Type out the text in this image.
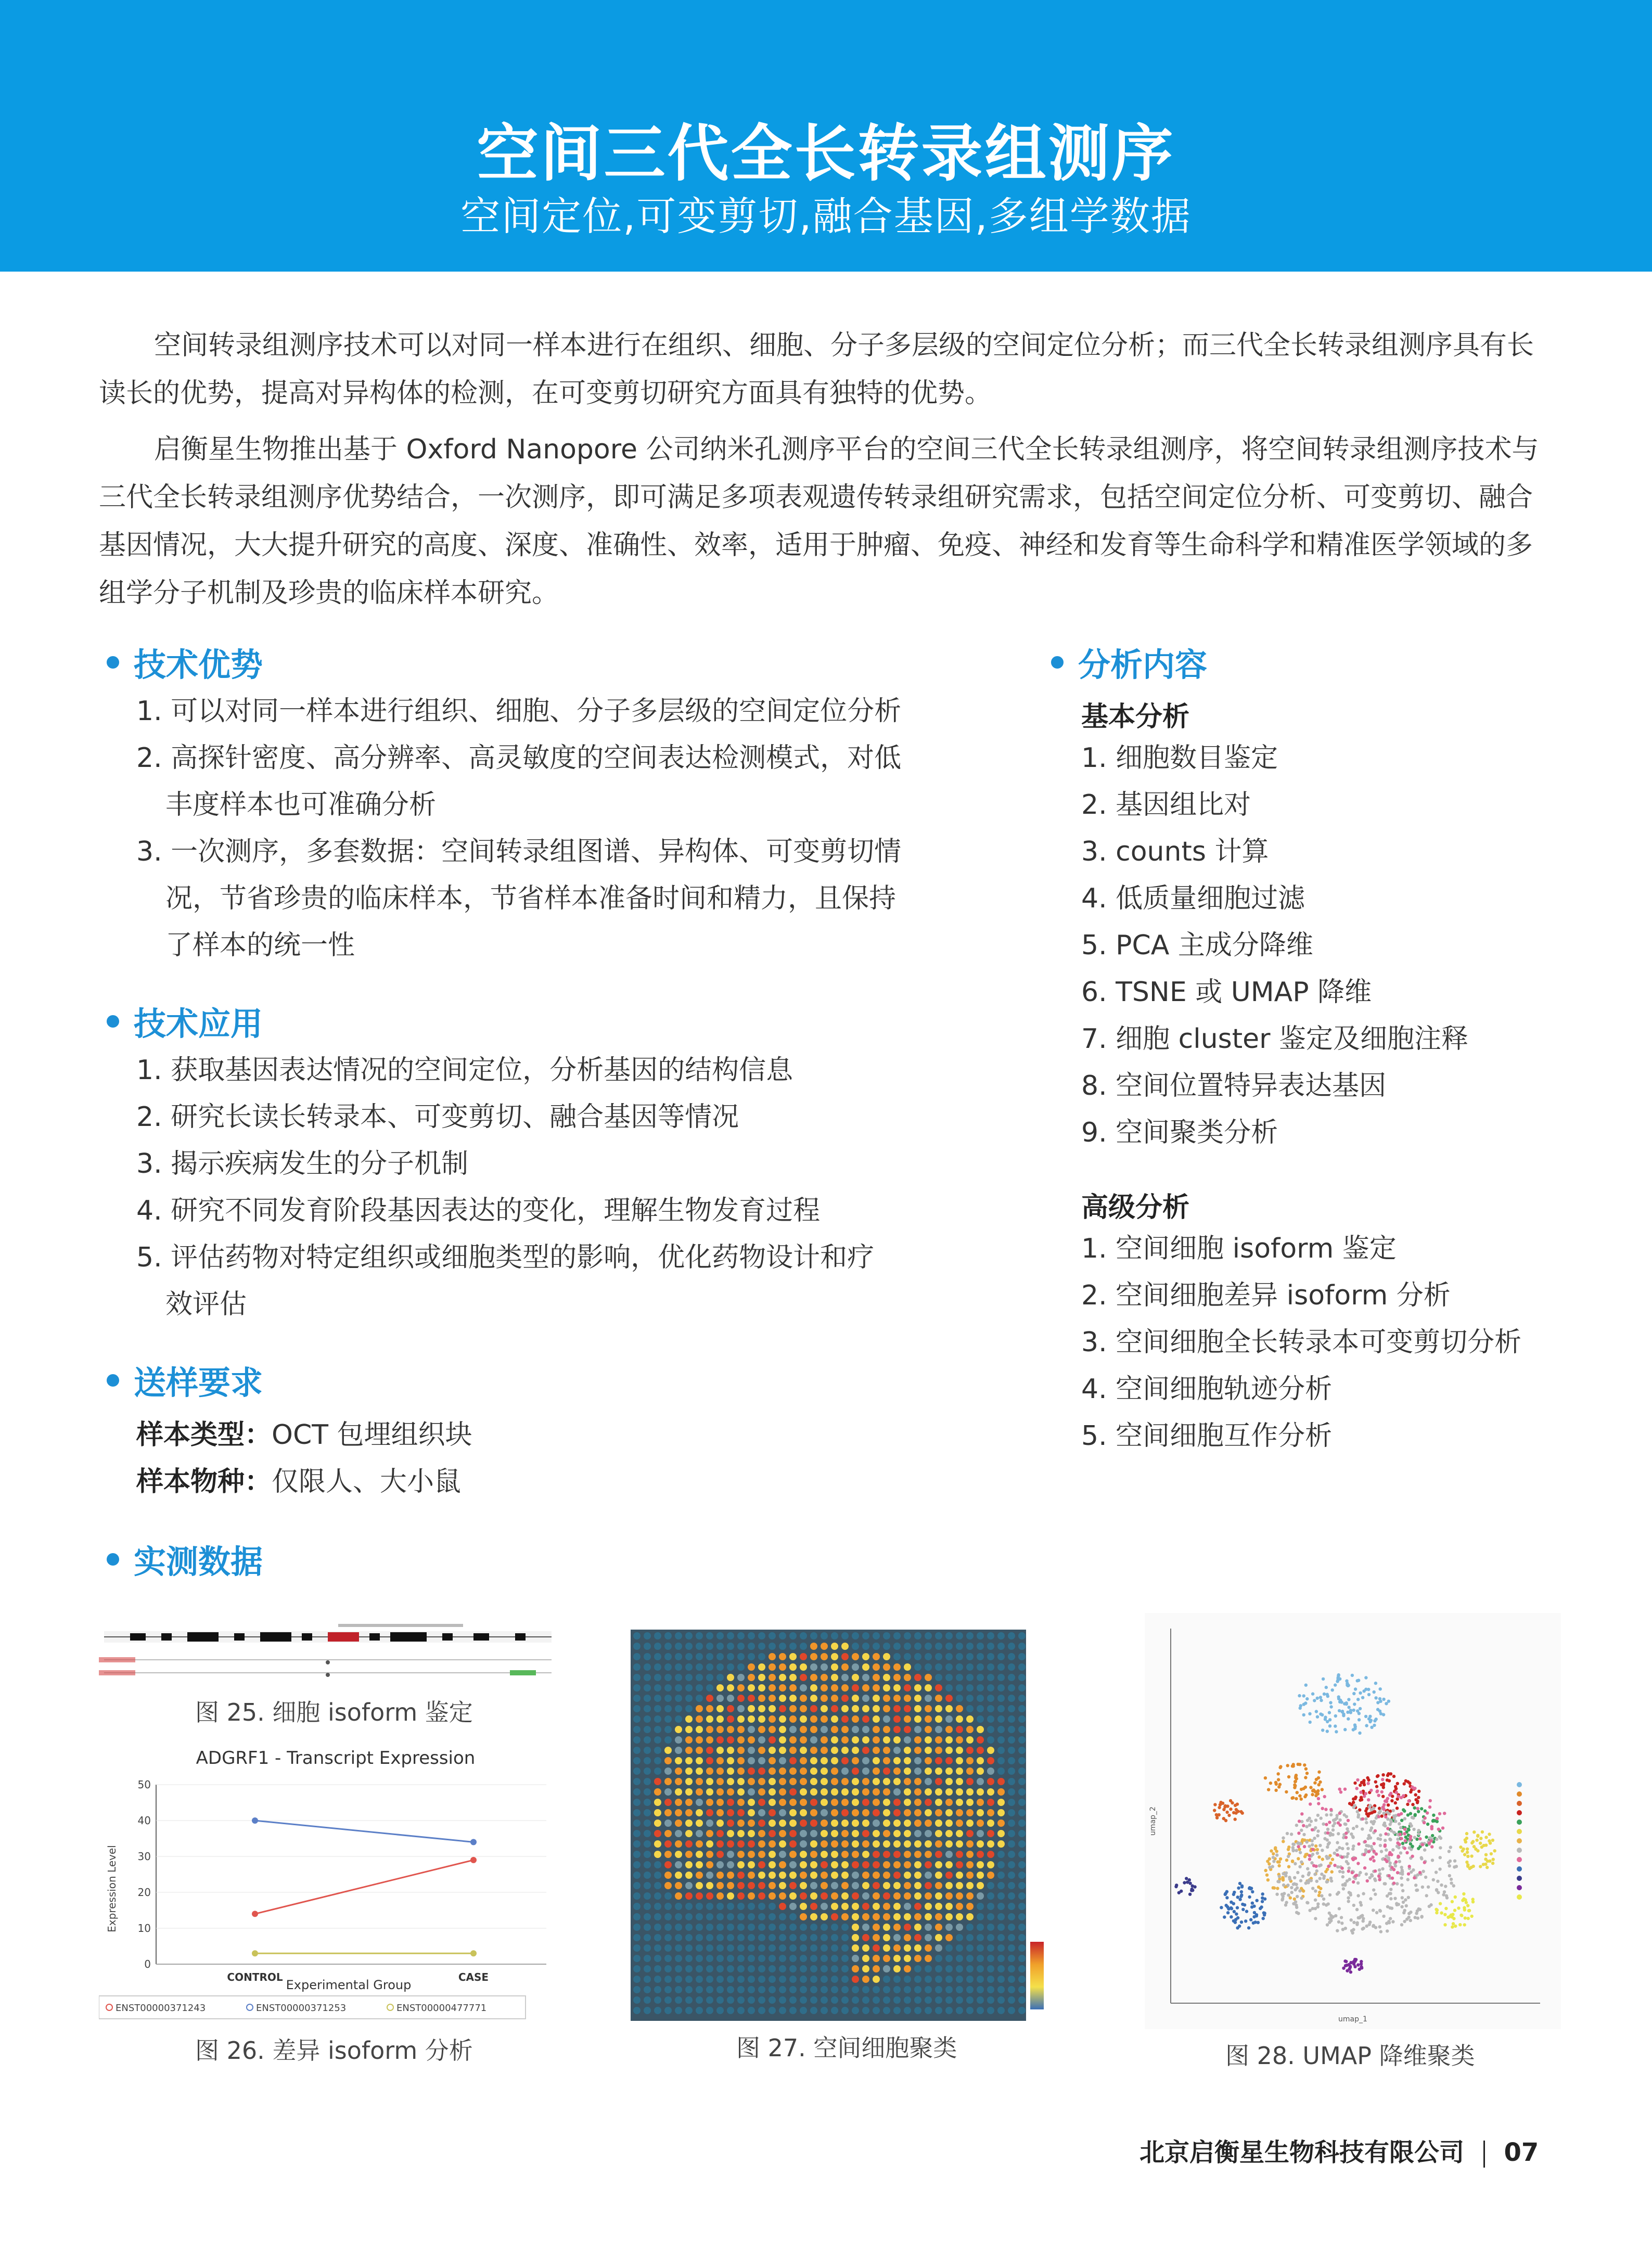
空间三代全长转录组测序
空间定位,可变剪切,融合基因,多组学数据

空间转录组测序技术可以对同一样本进行在组织、细胞、分子多层级的空间定位分析；而三代全长转录组测序具有长读长的优势，提高对异构体的检测，在可变剪切研究方面具有独特的优势。

启衡星生物推出基于 Oxford Nanopore 公司纳米孔测序平台的空间三代全长转录组测序，将空间转录组测序技术与三代全长转录组测序优势结合，一次测序，即可满足多项表观遗传转录组研究需求，包括空间定位分析、可变剪切、融合基因情况，大大提升研究的高度、深度、准确性、效率，适用于肿瘤、免疫、神经和发育等生命科学和精准医学领域的多组学分子机制及珍贵的临床样本研究。

技术优势
1. 可以对同一样本进行组织、细胞、分子多层级的空间定位分析
2. 高探针密度、高分辨率、高灵敏度的空间表达检测模式，对低
丰度样本也可准确分析
3. 一次测序，多套数据：空间转录组图谱、异构体、可变剪切情
况，节省珍贵的临床样本，节省样本准备时间和精力，且保持
了样本的统一性
技术应用
1. 获取基因表达情况的空间定位，分析基因的结构信息
2. 研究长读长转录本、可变剪切、融合基因等情况
3. 揭示疾病发生的分子机制
4. 研究不同发育阶段基因表达的变化，理解生物发育过程
5. 评估药物对特定组织或细胞类型的影响，优化药物设计和疗
效评估
送样要求
样本类型：OCT 包埋组织块
样本物种：仅限人、大小鼠
分析内容
基本分析
1. 细胞数目鉴定
2. 基因组比对
3. counts 计算
4. 低质量细胞过滤
5. PCA 主成分降维
6. TSNE 或 UMAP 降维
7. 细胞 cluster 鉴定及细胞注释
8. 空间位置特异表达基因
9. 空间聚类分析
高级分析
1. 空间细胞 isoform 鉴定
2. 空间细胞差异 isoform 分析
3. 空间细胞全长转录本可变剪切分析
4. 空间细胞轨迹分析
5. 空间细胞互作分析
实测数据
图 25. 细胞 isoform 鉴定
ADGRF1 - Transcript Expression
Expression Level
Experimental Group
0
10
20
30
40
50
CONTROL	CASE
ENST00000371243	ENST00000371253	ENST00000477771
图 26. 差异 isoform 分析	图 27. 空间细胞聚类
umap_1
umap_2
图 28. UMAP 降维聚类
北京启衡星生物科技有限公司 07
